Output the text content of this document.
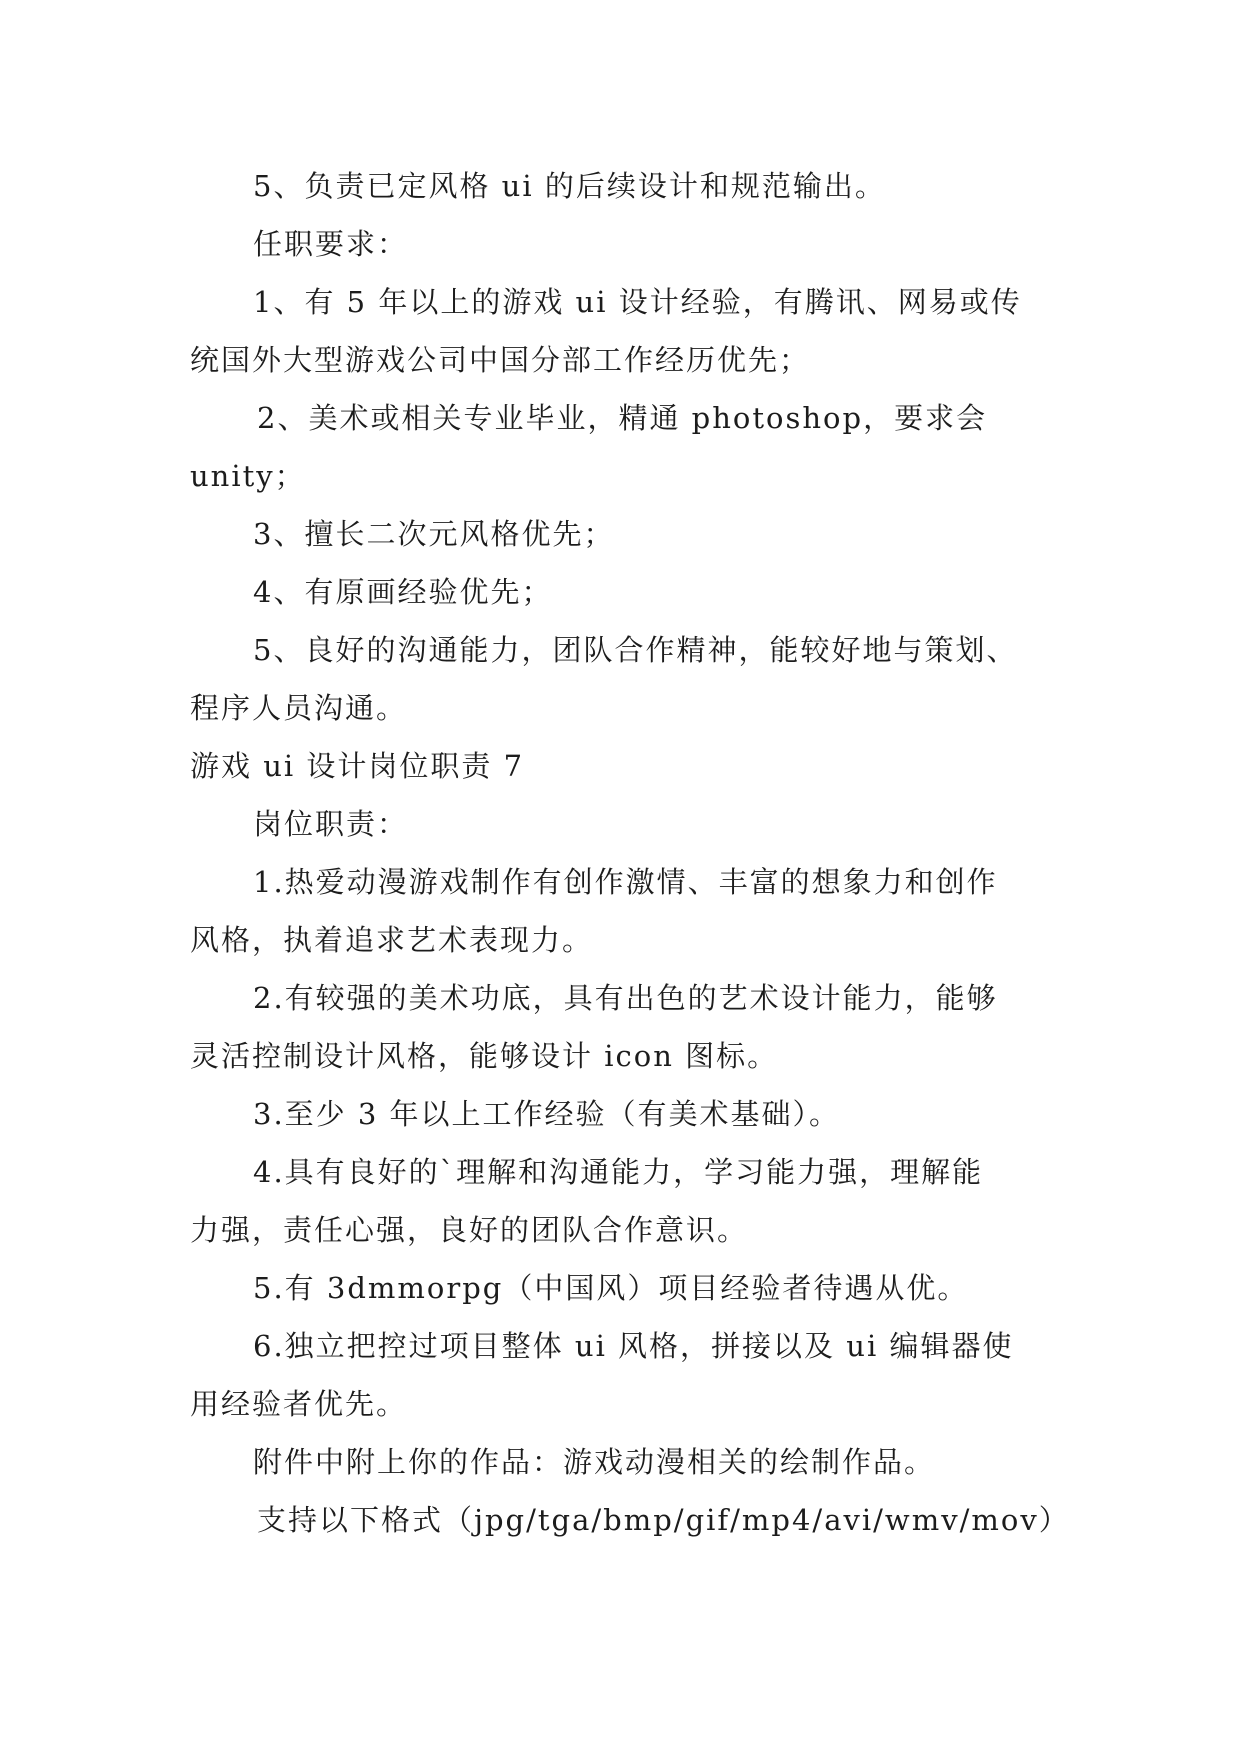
5、负责已定风格 ui 的后续设计和规范输出。

任职要求：

1、有 5 年以上的游戏 ui 设计经验，有腾讯、网易或传

统国外大型游戏公司中国分部工作经历优先；

2、美术或相关专业毕业，精通 photoshop，要求会

unity；

3、擅长二次元风格优先；

4、有原画经验优先；

5、良好的沟通能力，团队合作精神，能较好地与策划、

程序人员沟通。

游戏 ui 设计岗位职责 7

岗位职责：

1.热爱动漫游戏制作有创作激情、丰富的想象力和创作

风格，执着追求艺术表现力。

2.有较强的美术功底，具有出色的艺术设计能力，能够

灵活控制设计风格，能够设计 icon 图标。

3.至少 3 年以上工作经验（有美术基础）。

4.具有良好的`理解和沟通能力，学习能力强，理解能

力强，责任心强，良好的团队合作意识。

5.有 3dmmorpg（中国风）项目经验者待遇从优。

6.独立把控过项目整体 ui 风格，拼接以及 ui 编辑器使

用经验者优先。

附件中附上你的作品：游戏动漫相关的绘制作品。

支持以下格式（jpg/tga/bmp/gif/mp4/avi/wmv/mov）
